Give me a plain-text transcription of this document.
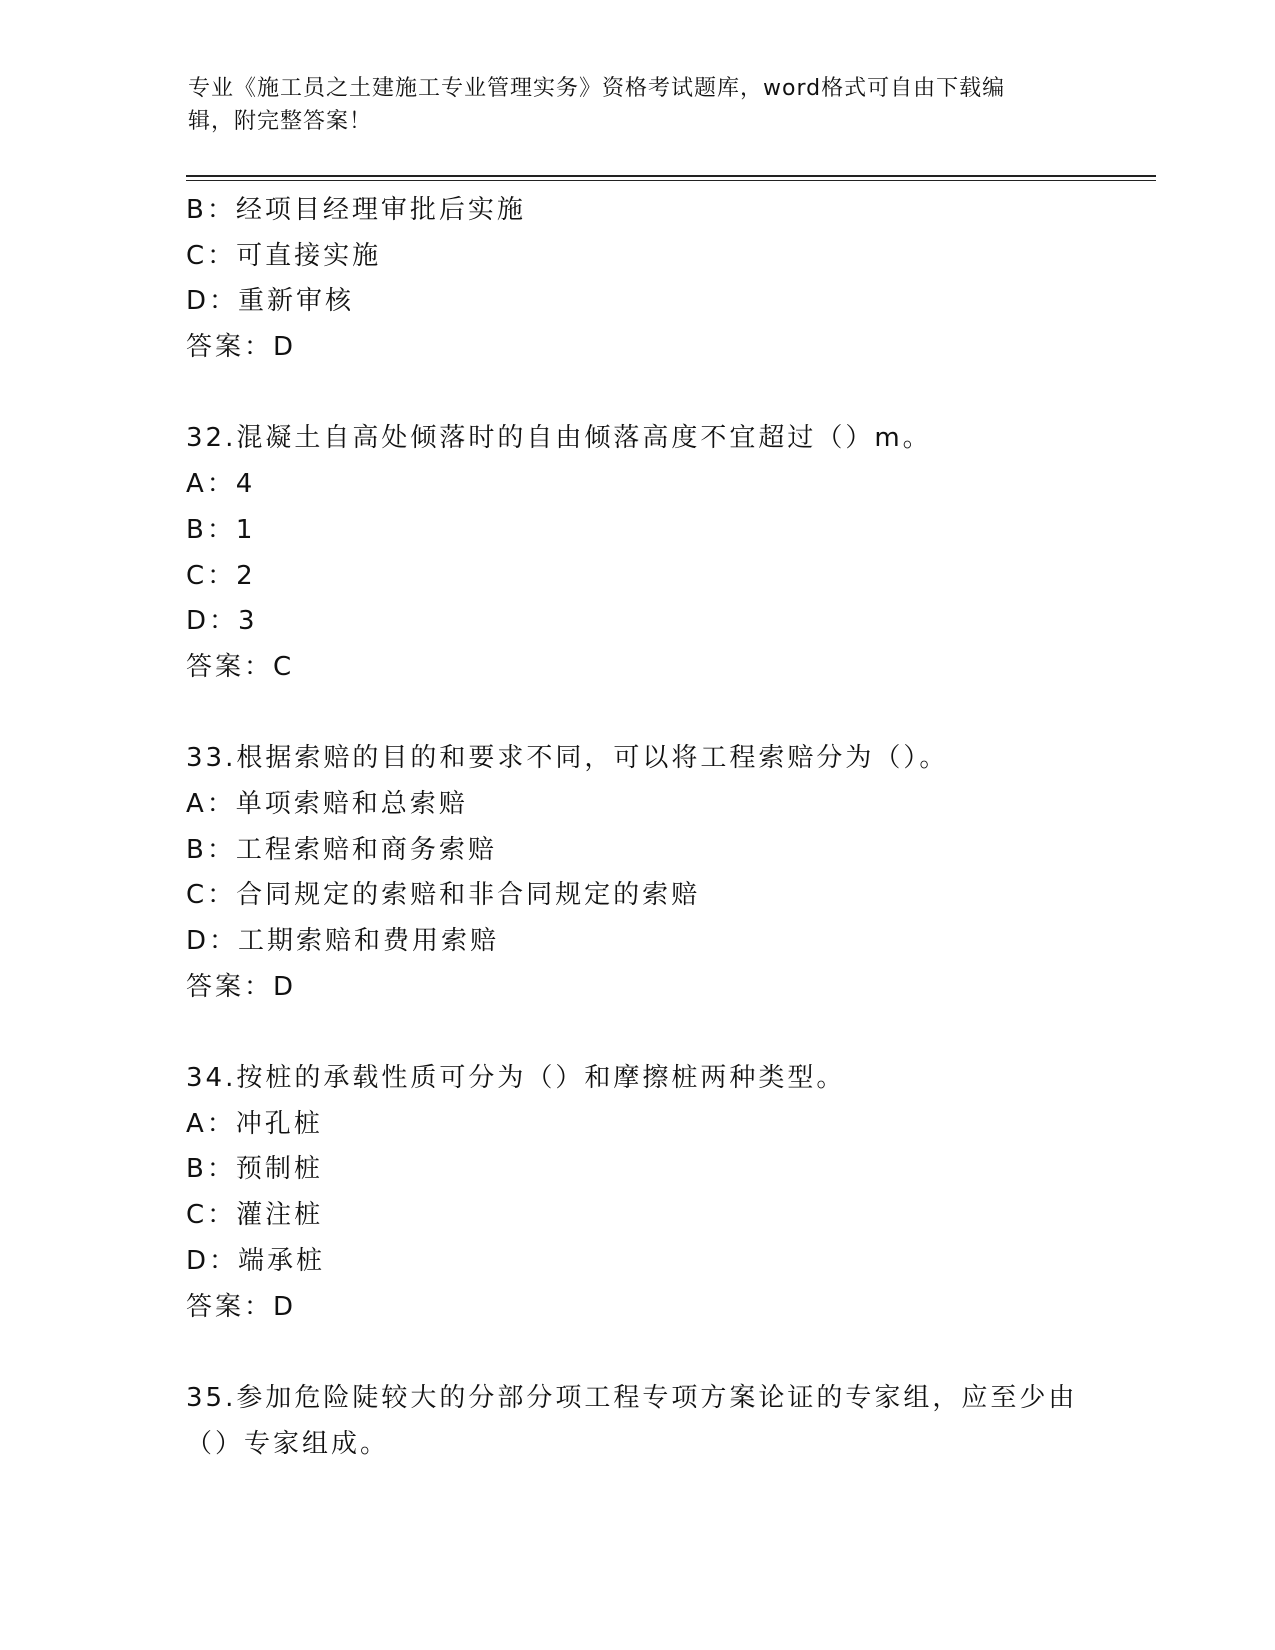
专业《施工员之土建施工专业管理实务》资格考试题库，word格式可自由下载编
辑，附完整答案！
B：经项目经理审批后实施
C：可直接实施
D：重新审核
答案：D
32.混凝土自高处倾落时的自由倾落高度不宜超过（）m。
A：4
B：1
C：2
D：3
答案：C
33.根据索赔的目的和要求不同，可以将工程索赔分为（）。
A：单项索赔和总索赔
B：工程索赔和商务索赔
C：合同规定的索赔和非合同规定的索赔
D：工期索赔和费用索赔
答案：D
34.按桩的承载性质可分为（）和摩擦桩两种类型。
A：冲孔桩
B：预制桩
C：灌注桩
D：端承桩
答案：D
35.参加危险陡较大的分部分项工程专项方案论证的专家组，应至少由
（）专家组成。
